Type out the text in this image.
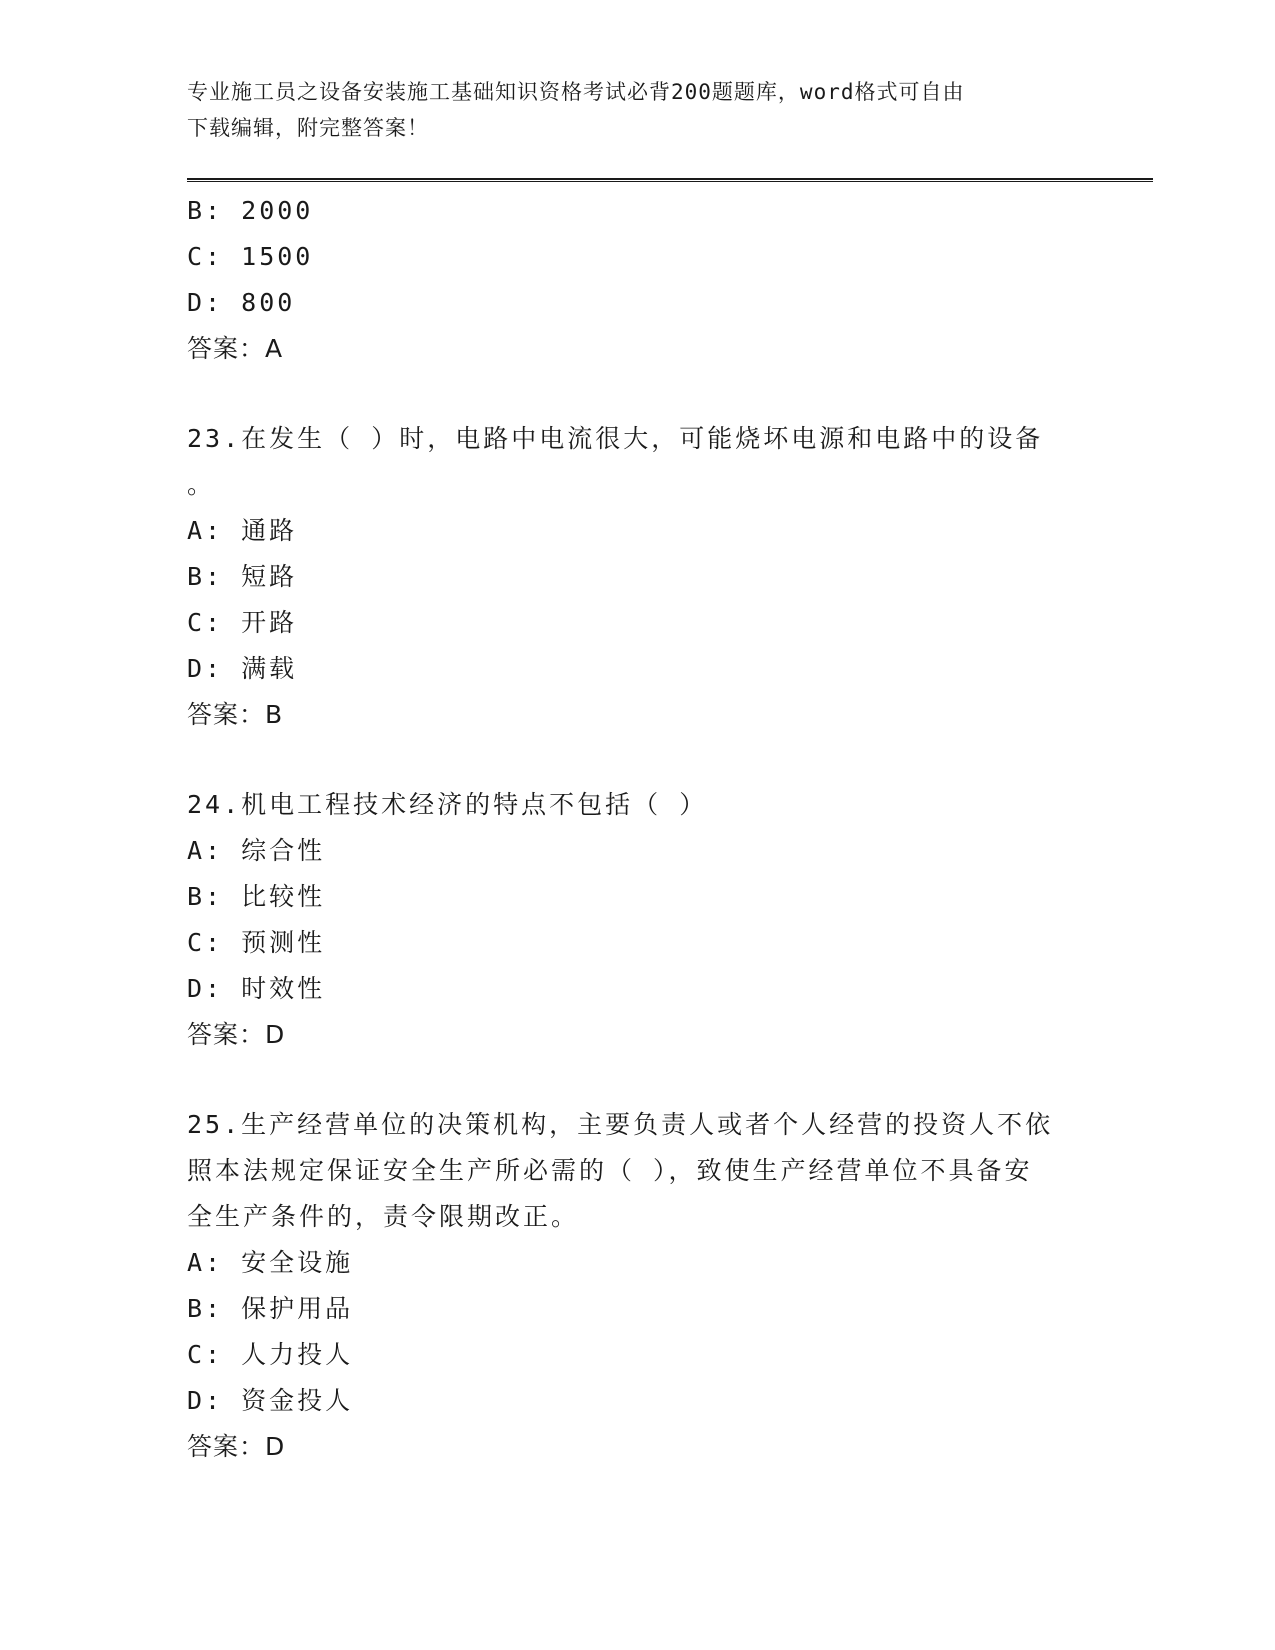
专业施工员之设备安装施工基础知识资格考试必背200题题库，word格式可自由
下载编辑，附完整答案！
B: 2000
C: 1500
D: 800
答案：A
23.在发生（ ）时，电路中电流很大，可能烧坏电源和电路中的设备
。
A: 通路
B: 短路
C: 开路
D: 满载
答案：B
24.机电工程技术经济的特点不包括（ ）
A: 综合性
B: 比较性
C: 预测性
D: 时效性
答案：D
25.生产经营单位的决策机构，主要负责人或者个人经营的投资人不依
照本法规定保证安全生产所必需的（ ），致使生产经营单位不具备安
全生产条件的，责令限期改正。
A: 安全设施
B: 保护用品
C: 人力投人
D: 资金投人
答案：D
